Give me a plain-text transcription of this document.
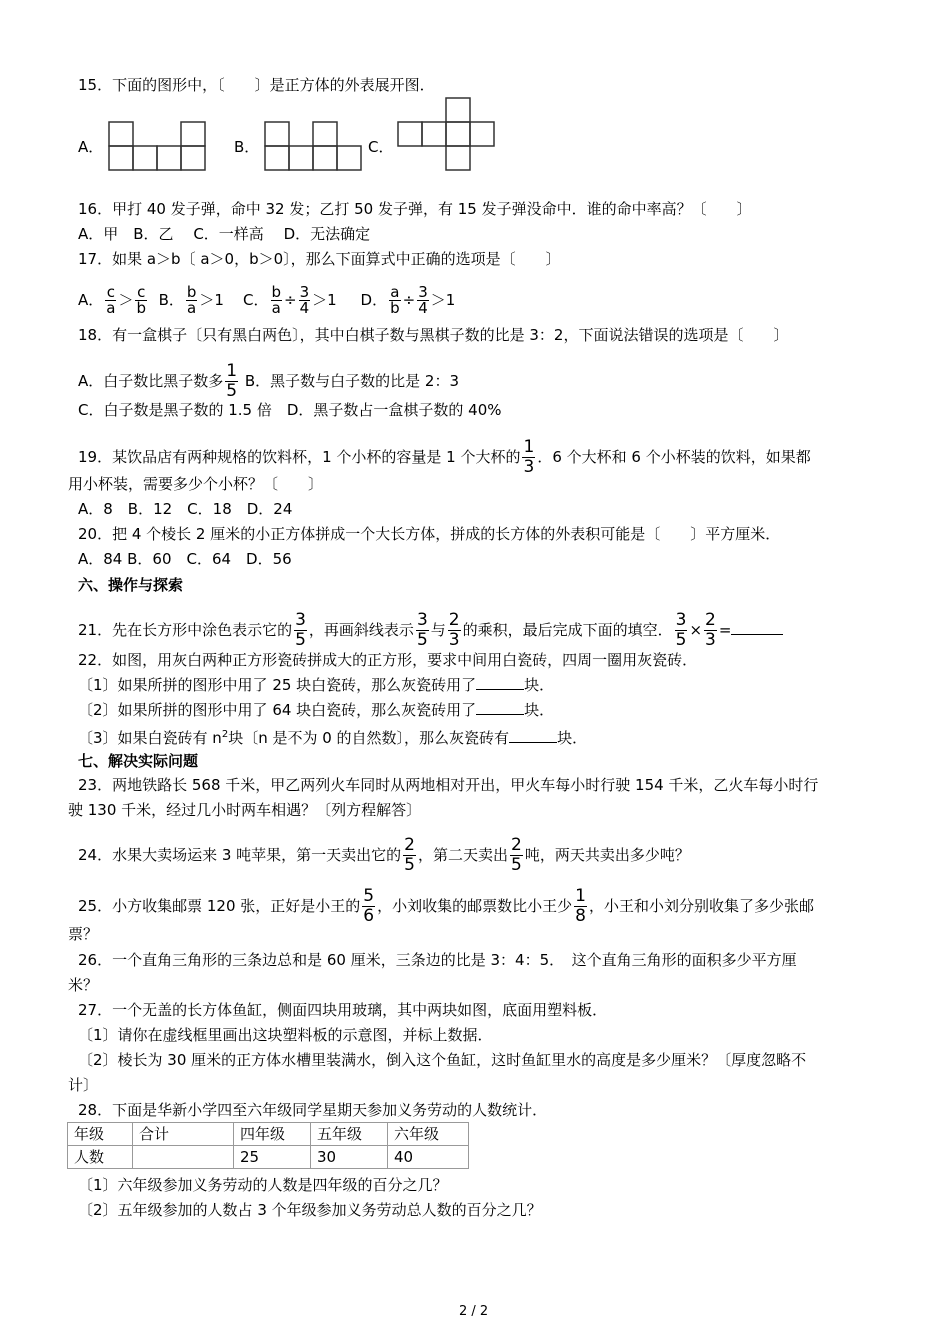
15．下面的图形中，〔　　〕是正方体的外表展开图．
A．	B．	C．
16．甲打 40 发子弹，命中 32 发；乙打 50 发子弹，有 15 发子弹没命中．谁的命中率高？〔　　〕
A．甲　B．乙　 C．一样高　 D．无法确定
17．如果 a＞b〔 a＞0，b＞0〕，那么下面算式中正确的选项是〔　　〕
A． $\frac{c}{a} > \frac{c}{b}$ B． $\frac{b}{a} >1$ C． $\frac{b}{a} \div \frac{3}{4} >1$ D． $\frac{a}{b} \div \frac{3}{4} >1$
18．有一盒棋子〔只有黑白两色〕，其中白棋子数与黑棋子数的比是 3：2，下面说法错误的选项是〔　　〕
A．白子数比黑子数多 $\frac{1}{5}$ B．黑子数与白子数的比是 2：3
C．白子数是黑子数的 1.5 倍　D．黑子数占一盒棋子数的 40%
19．某饮品店有两种规格的饮料杯，1 个小杯的容量是 1 个大杯的 $\frac{1}{3}$ ．6 个大杯和 6 个小杯装的饮料，如果都
用小杯装，需要多少个小杯？〔　　〕
A．8　B．12　C．18　D．24
20．把 4 个棱长 2 厘米的小正方体拼成一个大长方体，拼成的长方体的外表积可能是〔　　〕平方厘米．
A．84 B．60　C．64　D．56
六、操作与探索
21．先在长方形中涂色表示它的 $\frac{3}{5}$ ，再画斜线表示 $\frac{3}{5}$ 与 $\frac{2}{3}$ 的乘积，最后完成下面的填空． $\frac{3}{5} \times \frac{2}{3}$ =
22．如图，用灰白两种正方形瓷砖拼成大的正方形，要求中间用白瓷砖，四周一圈用灰瓷砖．
〔1〕如果所拼的图形中用了 25 块白瓷砖，那么灰瓷砖用了	块．
〔2〕如果所拼的图形中用了 64 块白瓷砖，那么灰瓷砖用了	块．
〔3〕如果白瓷砖有 $n^2$块〔n 是不为 0 的自然数〕，那么灰瓷砖有	块．
七、解决实际问题
23．两地铁路长 568 千米，甲乙两列火车同时从两地相对开出，甲火车每小时行驶 154 千米，乙火车每小时行
驶 130 千米，经过几小时两车相遇？〔列方程解答〕
24．水果大卖场运来 3 吨苹果，第一天卖出它的 $\frac{2}{5}$ ，第二天卖出 $\frac{2}{5}$ 吨，两天共卖出多少吨？
25．小方收集邮票 120 张，正好是小王的 $\frac{5}{6}$ ，小刘收集的邮票数比小王少 $\frac{1}{8}$ ，小王和小刘分别收集了多少张邮
票？
26．一个直角三角形的三条边总和是 60 厘米，三条边的比是 3：4：5．　这个直角三角形的面积多少平方厘
米？
27．一个无盖的长方体鱼缸，侧面四块用玻璃，其中两块如图，底面用塑料板．
〔1〕请你在虚线框里画出这块塑料板的示意图，并标上数据．
〔2〕棱长为 30 厘米的正方体水槽里装满水，倒入这个鱼缸，这时鱼缸里水的高度是多少厘米？〔厚度忽略不
计〕
28．下面是华新小学四至六年级同学星期天参加义务劳动的人数统计．
年级	合计	四年级	五年级	六年级
人数		25	30	40
〔1〕六年级参加义务劳动的人数是四年级的百分之几？
〔2〕五年级参加的人数占 3 个年级参加义务劳动总人数的百分之几？
2 / 2
